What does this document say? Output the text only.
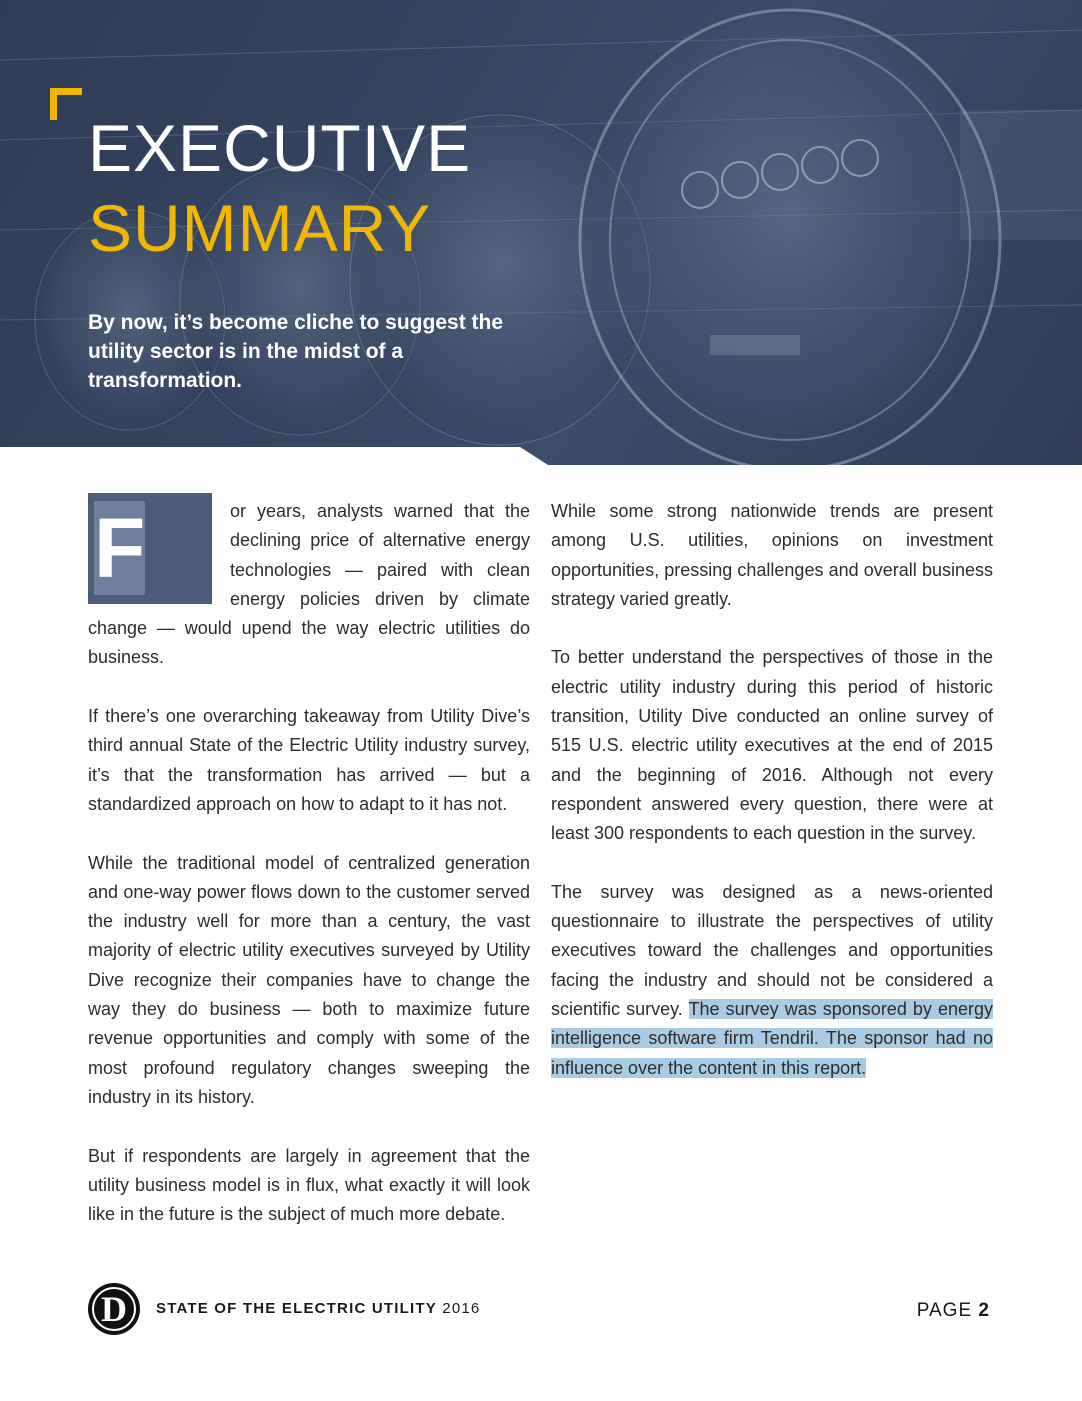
EXECUTIVE
SUMMARY
By now, it’s become cliche to suggest the utility sector is in the midst of a transformation.

F	or years, analysts warned that the declining price of alternative energy technologies — paired with clean energy policies driven by climate change — would upend the way electric utilities do business.

If there’s one overarching takeaway from Utility Dive’s third annual State of the Electric Utility industry survey, it’s that the transformation has arrived — but a standardized approach on how to adapt to it has not.

While the traditional model of centralized generation and one-way power flows down to the customer served the industry well for more than a century, the vast majority of electric utility executives surveyed by Utility Dive recognize their companies have to change the way they do business — both to maximize future revenue opportunities and comply with some of the most profound regulatory changes sweeping the industry in its history.

But if respondents are largely in agreement that the utility business model is in flux, what exactly it will look like in the future is the subject of much more debate.

While some strong nationwide trends are present among U.S. utilities, opinions on investment opportunities, pressing challenges and overall business strategy varied greatly.

To better understand the perspectives of those in the electric utility industry during this period of historic transition, Utility Dive conducted an online survey of 515 U.S. electric utility executives at the end of 2015 and the beginning of 2016. Although not every respondent answered every question, there were at least 300 respondents to each question in the survey.

The survey was designed as a news-oriented questionnaire to illustrate the perspectives of utility executives toward the challenges and opportunities facing the industry and should not be considered a scientific survey. The survey was sponsored by energy intelligence software firm Tendril. The sponsor had no influence over the content in this report.

D	STATE OF THE ELECTRIC UTILITY 2016	PAGE 2
